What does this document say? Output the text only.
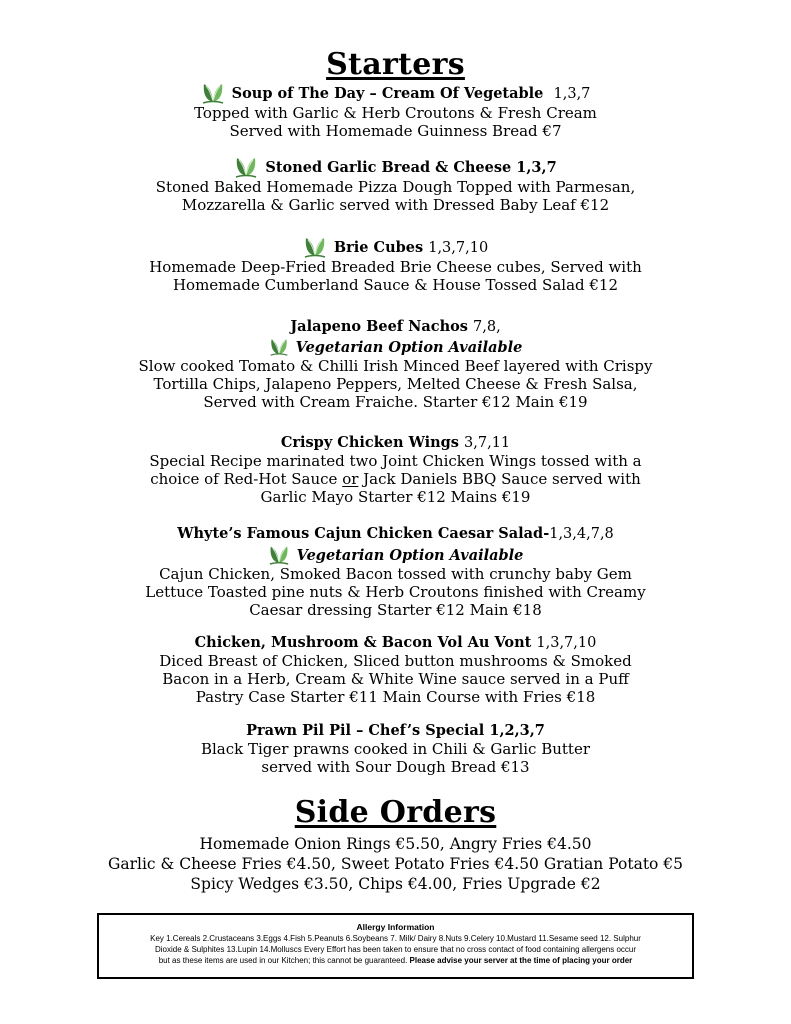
Starters
Soup of The Day – Cream Of Vegetable 1,3,7
Topped with Garlic & Herb Croutons & Fresh Cream
Served with Homemade Guinness Bread €7
Stoned Garlic Bread & Cheese 1,3,7
Stoned Baked Homemade Pizza Dough Topped with Parmesan,
Mozzarella & Garlic served with Dressed Baby Leaf €12
Brie Cubes 1,3,7,10
Homemade Deep-Fried Breaded Brie Cheese cubes, Served with
Homemade Cumberland Sauce & House Tossed Salad €12
Jalapeno Beef Nachos 7,8,
Vegetarian Option Available
Slow cooked Tomato & Chilli Irish Minced Beef layered with Crispy
Tortilla Chips, Jalapeno Peppers, Melted Cheese & Fresh Salsa,
Served with Cream Fraiche. Starter €12 Main €19
Crispy Chicken Wings 3,7,11
Special Recipe marinated two Joint Chicken Wings tossed with a
choice of Red-Hot Sauce or Jack Daniels BBQ Sauce served with
Garlic Mayo Starter €12 Mains €19
Whyte’s Famous Cajun Chicken Caesar Salad-1,3,4,7,8
Vegetarian Option Available
Cajun Chicken, Smoked Bacon tossed with crunchy baby Gem
Lettuce Toasted pine nuts & Herb Croutons finished with Creamy
Caesar dressing Starter €12 Main €18
Chicken, Mushroom & Bacon Vol Au Vont 1,3,7,10
Diced Breast of Chicken, Sliced button mushrooms & Smoked
Bacon in a Herb, Cream & White Wine sauce served in a Puff
Pastry Case Starter €11 Main Course with Fries €18
Prawn Pil Pil – Chef’s Special 1,2,3,7
Black Tiger prawns cooked in Chili & Garlic Butter
served with Sour Dough Bread €13
Side Orders
Homemade Onion Rings €5.50, Angry Fries €4.50
Garlic & Cheese Fries €4.50, Sweet Potato Fries €4.50 Gratian Potato €5
Spicy Wedges €3.50, Chips €4.00, Fries Upgrade €2
Allergy Information
Key 1.Cereals 2.Crustaceans 3.Eggs 4.Fish 5.Peanuts 6.Soybeans 7. Milk/ Dairy 8.Nuts 9.Celery 10.Mustard 11.Sesame seed 12. Sulphur
Dioxide & Sulphites 13.Lupin 14.Molluscs Every Effort has been taken to ensure that no cross contact of food containing allergens occur
but as these items are used in our Kitchen; this cannot be guaranteed. Please advise your server at the time of placing your order
